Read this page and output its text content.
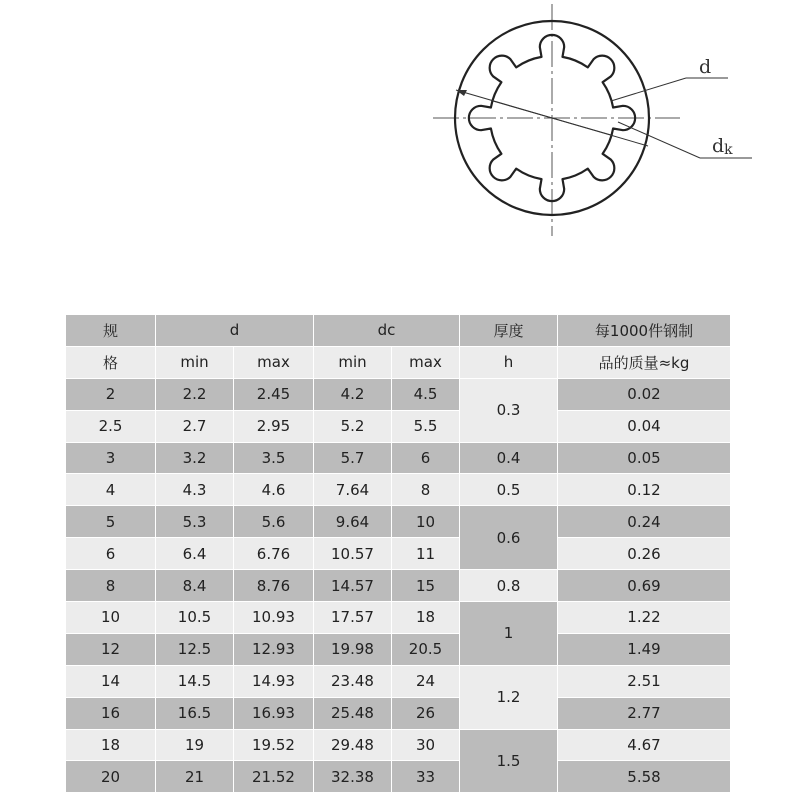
d
dk
规	d		dc		厚度	每1000件钢制
格	min	max	min	max	h	品的质量≈kg
2	2.2	2.45	4.2	4.5	0.3	0.02
2.5	2.7	2.95	5.2	5.5		0.04
3	3.2	3.5	5.7	6	0.4	0.05
4	4.3	4.6	7.64	8	0.5	0.12
5	5.3	5.6	9.64	10	0.6	0.24
6	6.4	6.76	10.57	11		0.26
8	8.4	8.76	14.57	15	0.8	0.69
10	10.5	10.93	17.57	18	1	1.22
12	12.5	12.93	19.98	20.5		1.49
14	14.5	14.93	23.48	24	1.2	2.51
16	16.5	16.93	25.48	26		2.77
18	19	19.52	29.48	30	1.5	4.67
20	21	21.52	32.38	33		5.58
